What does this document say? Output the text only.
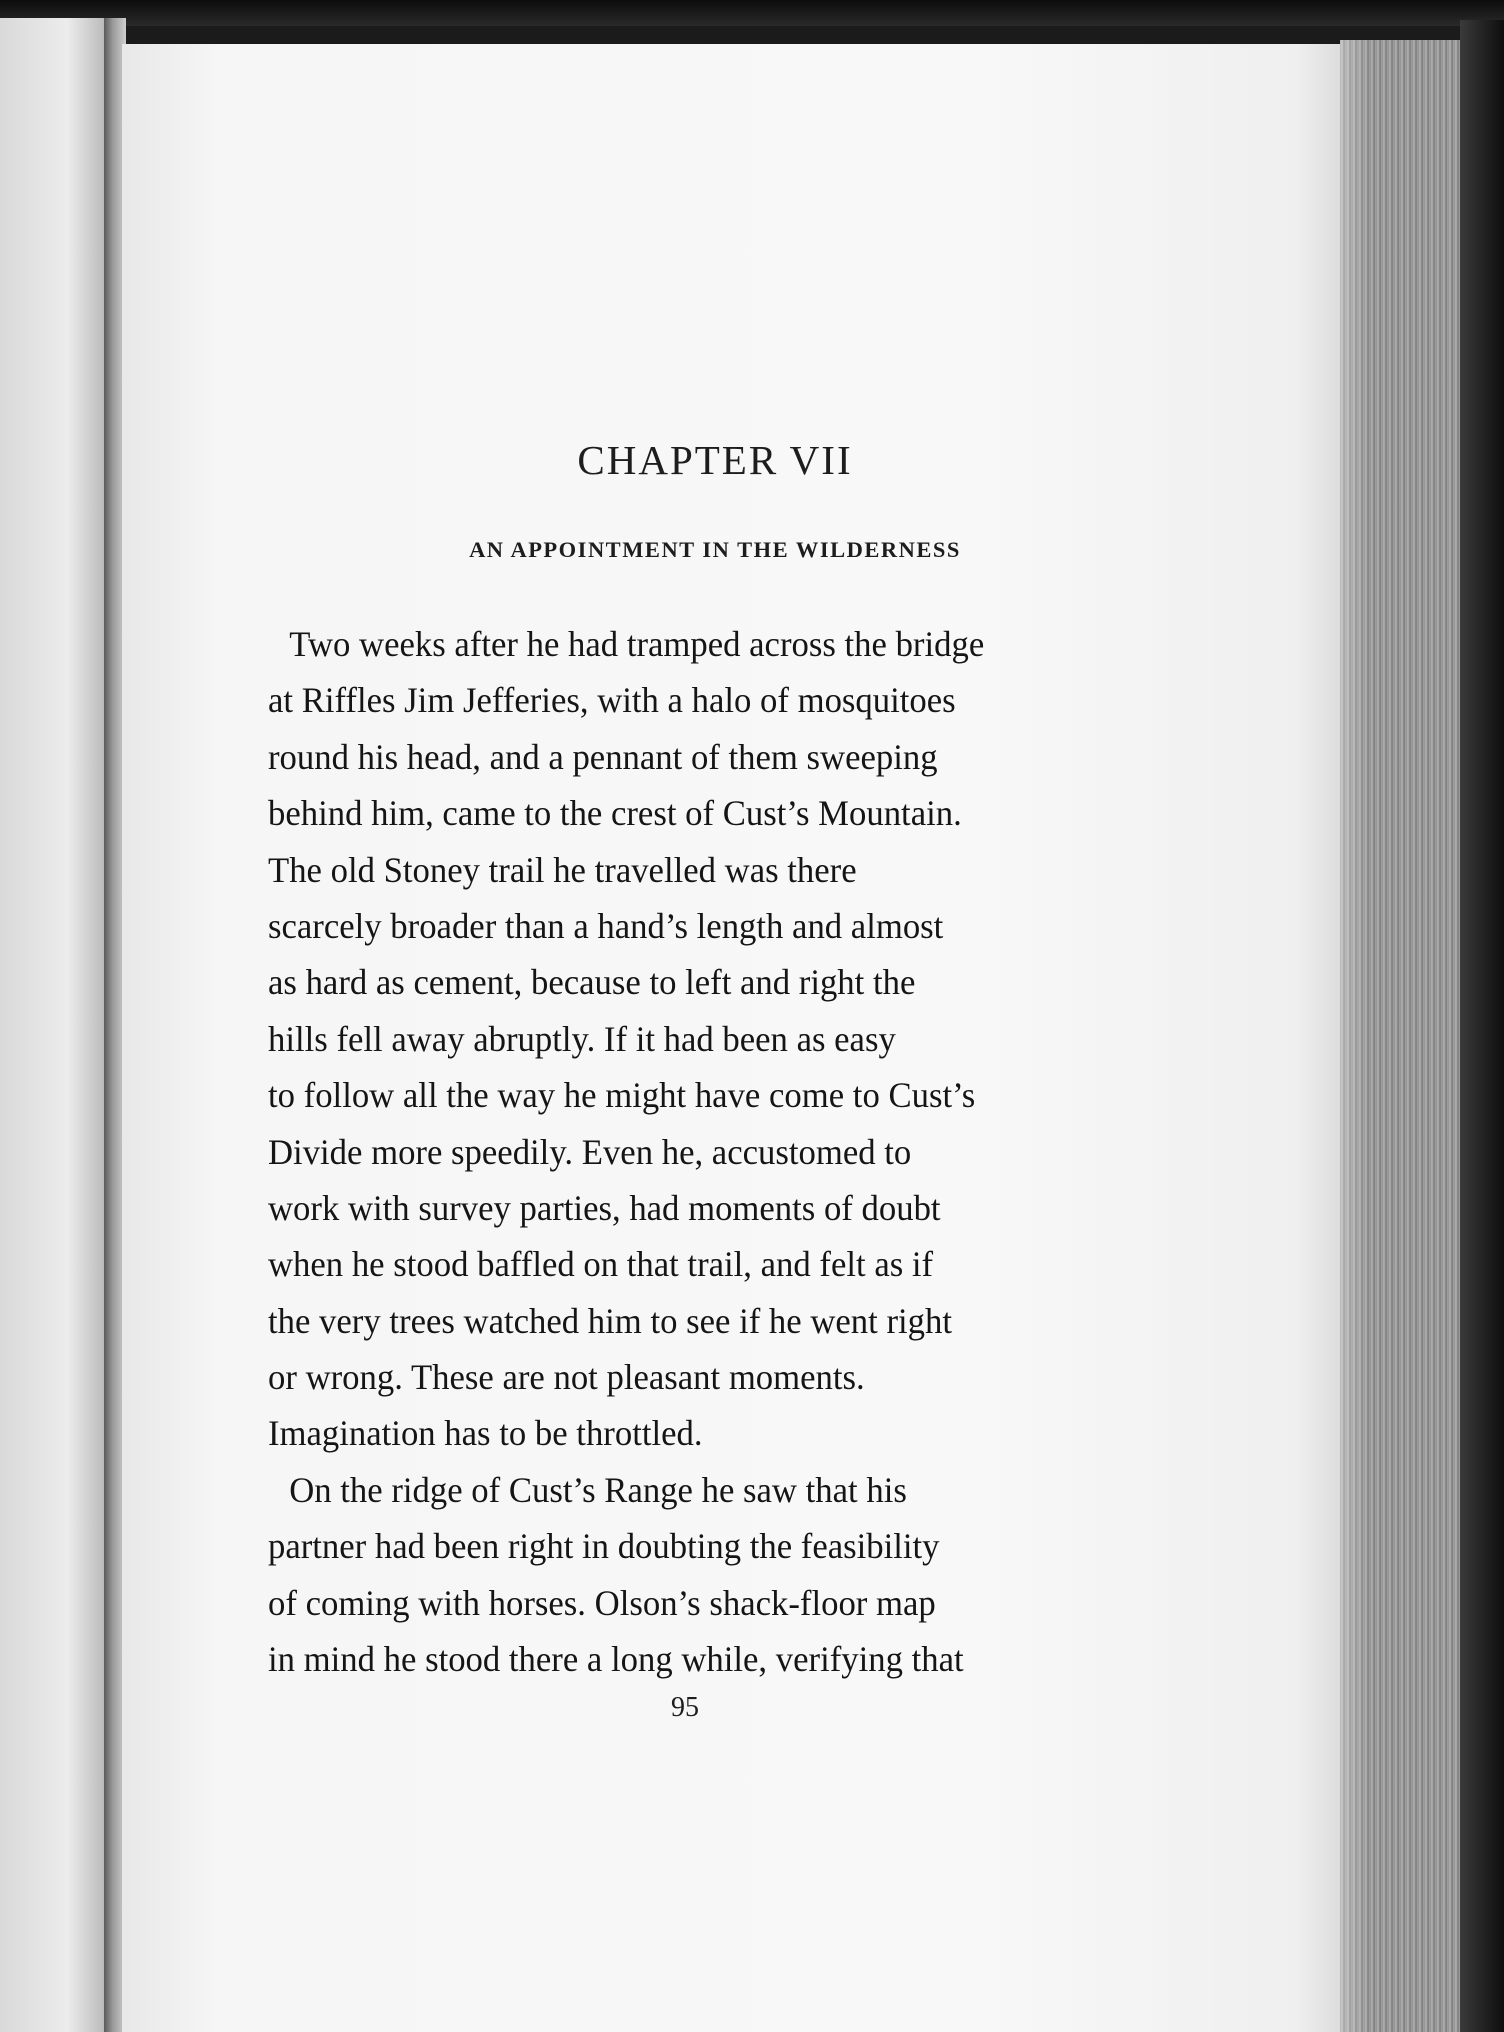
CHAPTER VII
AN APPOINTMENT IN THE WILDERNESS
Two weeks after he had tramped across the bridge
at Riffles Jim Jefferies, with a halo of mosquitoes
round his head, and a pennant of them sweeping
behind him, came to the crest of Cust’s Mountain.
The old Stoney trail he travelled was there
scarcely broader than a hand’s length and almost
as hard as cement, because to left and right the
hills fell away abruptly. If it had been as easy
to follow all the way he might have come to Cust’s
Divide more speedily. Even he, accustomed to
work with survey parties, had moments of doubt
when he stood baffled on that trail, and felt as if
the very trees watched him to see if he went right
or wrong. These are not pleasant moments.
Imagination has to be throttled.
On the ridge of Cust’s Range he saw that his
partner had been right in doubting the feasibility
of coming with horses. Olson’s shack-floor map
in mind he stood there a long while, verifying that
95
